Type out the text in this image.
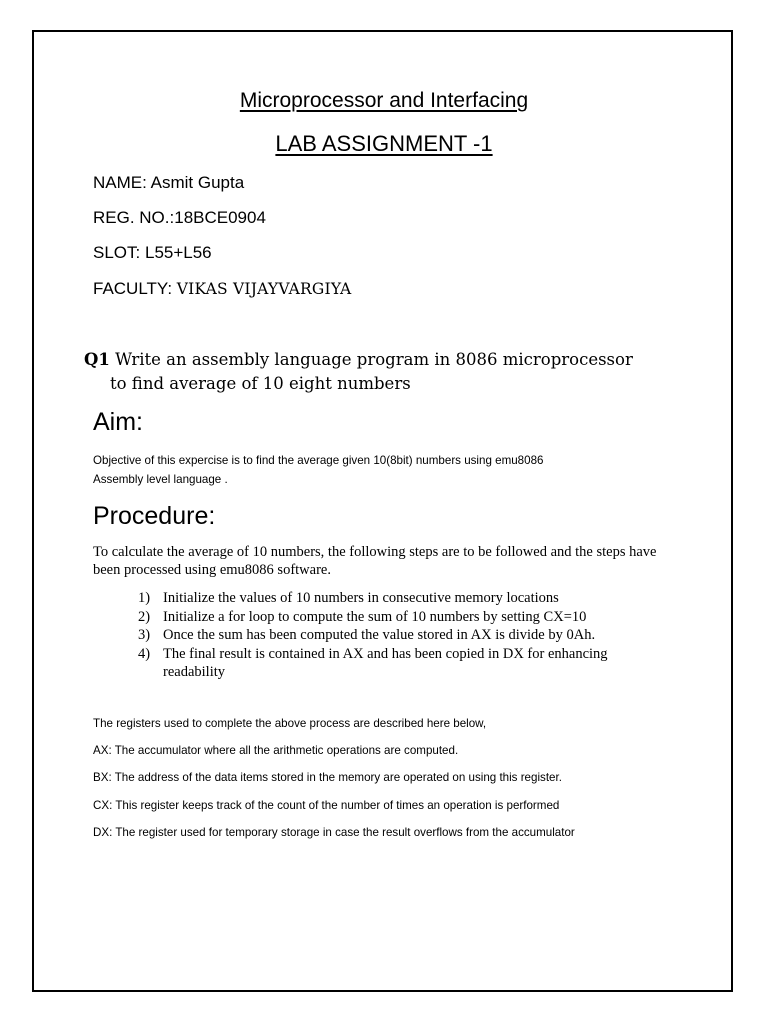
Microprocessor and Interfacing
LAB ASSIGNMENT -1
NAME: Asmit Gupta
REG. NO.:18BCE0904
SLOT: L55+L56
FACULTY: VIKAS VIJAYVARGIYA
Q1 Write an assembly language program in 8086 microprocessor
to find average of 10 eight numbers
Aim:
Objective of this expercise is to find the average given 10(8bit) numbers using emu8086
Assembly level language .
Procedure:
To calculate the average of 10 numbers, the following steps are to be followed and the steps have been processed using emu8086 software.
1) Initialize the values of 10 numbers in consecutive memory locations
2) Initialize a for loop to compute the sum of 10 numbers by setting CX=10
3) Once the sum has been computed the value stored in AX is divide by 0Ah.
4) The final result is contained in AX and has been copied in DX for enhancing readability
The registers used to complete the above process are described here below,
AX: The accumulator where all the arithmetic operations are computed.
BX: The address of the data items stored in the memory are operated on using this register.
CX: This register keeps track of the count of the number of times an operation is performed
DX: The register used for temporary storage in case the result overflows from the accumulator
